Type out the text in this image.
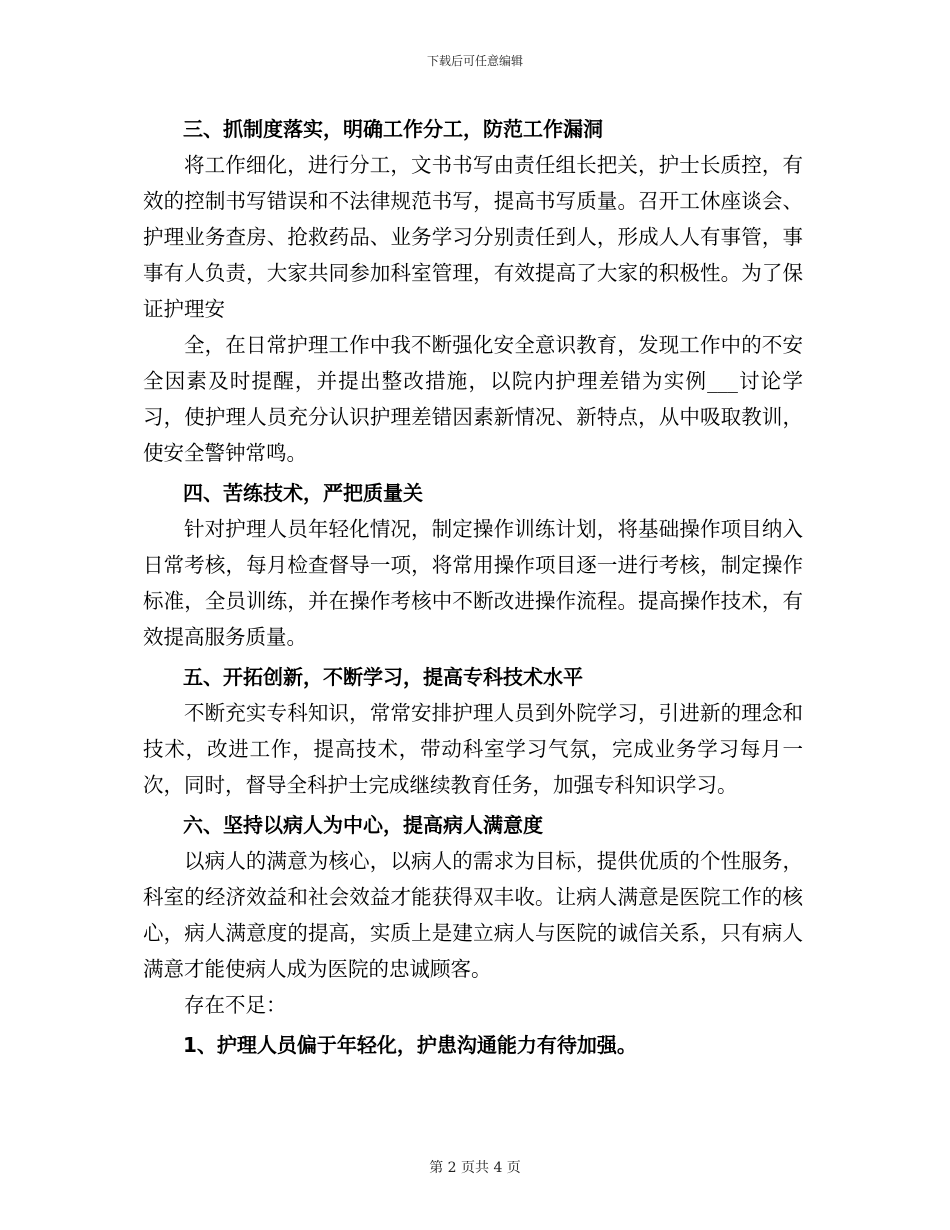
下载后可任意编辑

三、抓制度落实，明确工作分工，防范工作漏洞

将工作细化，进行分工，文书书写由责任组长把关，护士长质控，有效的控制书写错误和不法律规范书写，提高书写质量。召开工休座谈会、护理业务查房、抢救药品、业务学习分别责任到人，形成人人有事管，事事有人负责，大家共同参加科室管理，有效提高了大家的积极性。为了保证护理安

全，在日常护理工作中我不断强化安全意识教育，发现工作中的不安全因素及时提醒，并提出整改措施，以院内护理差错为实例___讨论学习，使护理人员充分认识护理差错因素新情况、新特点，从中吸取教训，使安全警钟常鸣。

四、苦练技术，严把质量关

针对护理人员年轻化情况，制定操作训练计划，将基础操作项目纳入日常考核，每月检查督导一项，将常用操作项目逐一进行考核，制定操作标准，全员训练，并在操作考核中不断改进操作流程。提高操作技术，有效提高服务质量。

五、开拓创新，不断学习，提高专科技术水平

不断充实专科知识，常常安排护理人员到外院学习，引进新的理念和技术，改进工作，提高技术，带动科室学习气氛，完成业务学习每月一次，同时，督导全科护士完成继续教育任务，加强专科知识学习。

六、坚持以病人为中心，提高病人满意度

以病人的满意为核心，以病人的需求为目标，提供优质的个性服务，科室的经济效益和社会效益才能获得双丰收。让病人满意是医院工作的核心，病人满意度的提高，实质上是建立病人与医院的诚信关系，只有病人满意才能使病人成为医院的忠诚顾客。

存在不足：

1、护理人员偏于年轻化，护患沟通能力有待加强。

第 2 页共 4 页
